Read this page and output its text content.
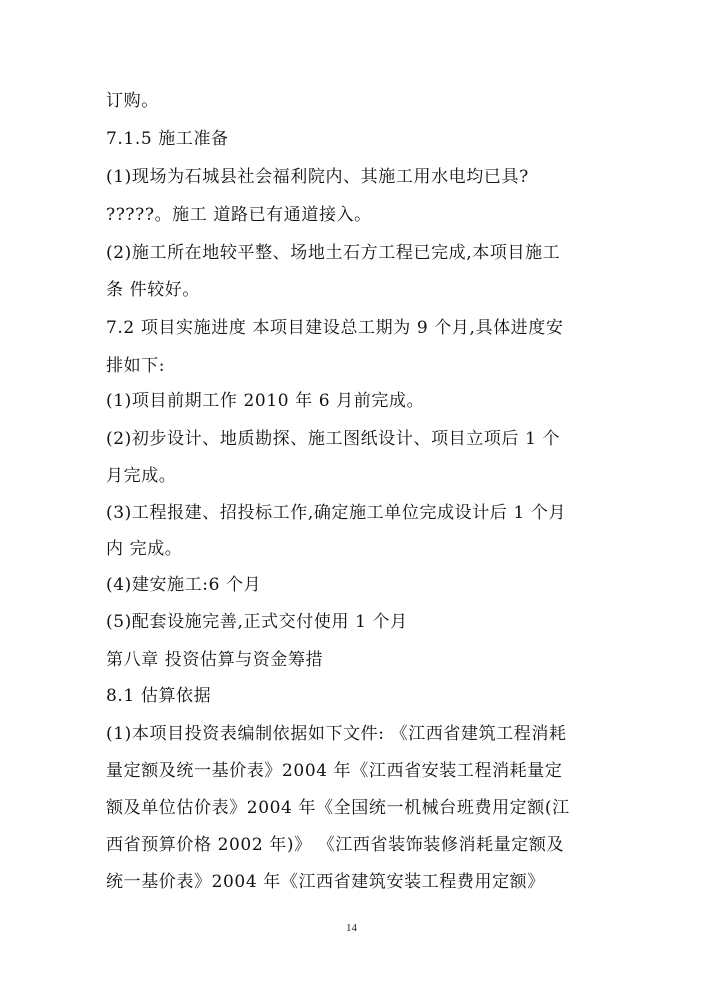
订购。
7.1.5 施工准备
(1)现场为石城县社会福利院内、其施工用水电均已具?
?????。施工 道路已有通道接入。
(2)施工所在地较平整、场地土石方工程已完成,本项目施工
条 件较好。
7.2 项目实施进度 本项目建设总工期为 9 个月,具体进度安
排如下:
(1)项目前期工作 2010 年 6 月前完成。
(2)初步设计、地质勘探、施工图纸设计、项目立项后 1 个
月完成。
(3)工程报建、招投标工作,确定施工单位完成设计后 1 个月
内 完成。
(4)建安施工:6 个月
(5)配套设施完善,正式交付使用 1 个月
第八章 投资估算与资金筹措
8.1 估算依据
(1)本项目投资表编制依据如下文件: 《江西省建筑工程消耗
量定额及统一基价表》2004 年《江西省安装工程消耗量定
额及单位估价表》2004 年《全国统一机械台班费用定额(江
西省预算价格 2002 年)》 《江西省装饰装修消耗量定额及
统一基价表》2004 年《江西省建筑安装工程费用定额》
14
